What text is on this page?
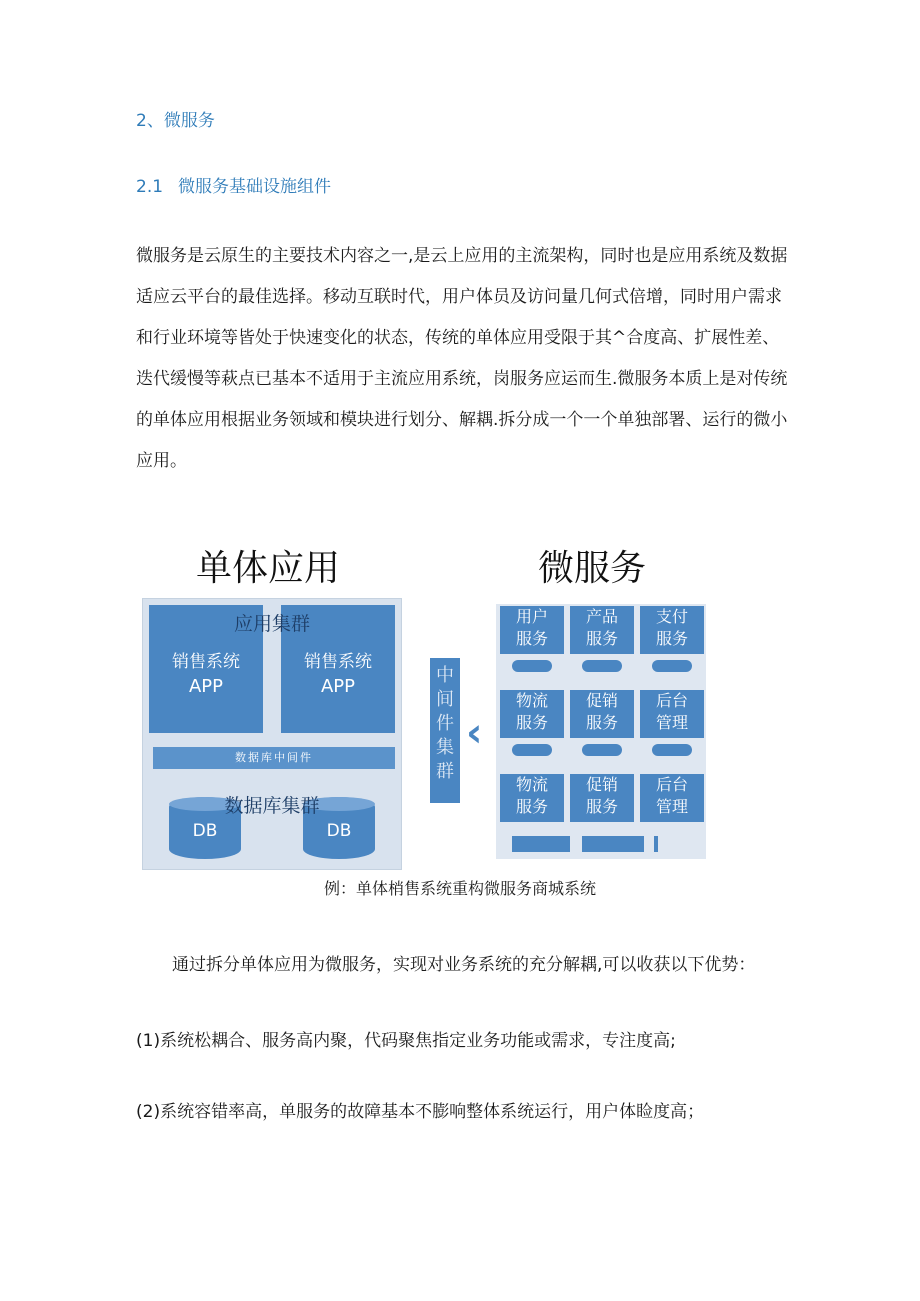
2、微服务
2.1 微服务基础设施组件
微服务是云原生的主要技术内容之一,是云上应用的主流架构，同时也是应用系统及数据
适应云平台的最佳选择。移动互联时代，用户体员及访问量几何式倍增，同时用户需求
和行业环境等皆处于快速变化的状态，传统的单体应用受限于其^合度高、扩展性差、
迭代缓慢等萩点已基本不适用于主流应用系统，岗服务应运而生.微服务本质上是对传统
的单体应用根据业务领域和模块进行划分、解耦.拆分成一个一个单独部署、运行的微小
应用。
单体应用	微服务
销售系统
APP
销售系统
APP
应用集群
数据库中间件
DB	DB
数据库集群
中间件集群
‹
用户
服务
产品
服务
支付
服务
物流
服务
促销
服务
后台
管理
物流
服务
促销
服务
后台
管理
例：单体梢售系统重构微服务商城系统
通过拆分单体应用为微服务，实现对业务系统的充分解耦,可以收获以下优势：
(1)系统松耦合、服务高内聚，代码聚焦指定业务功能或需求，专注度高;
(2)系统容错率高，单服务的故障基本不膨响整体系统运行，用户体睑度高；
